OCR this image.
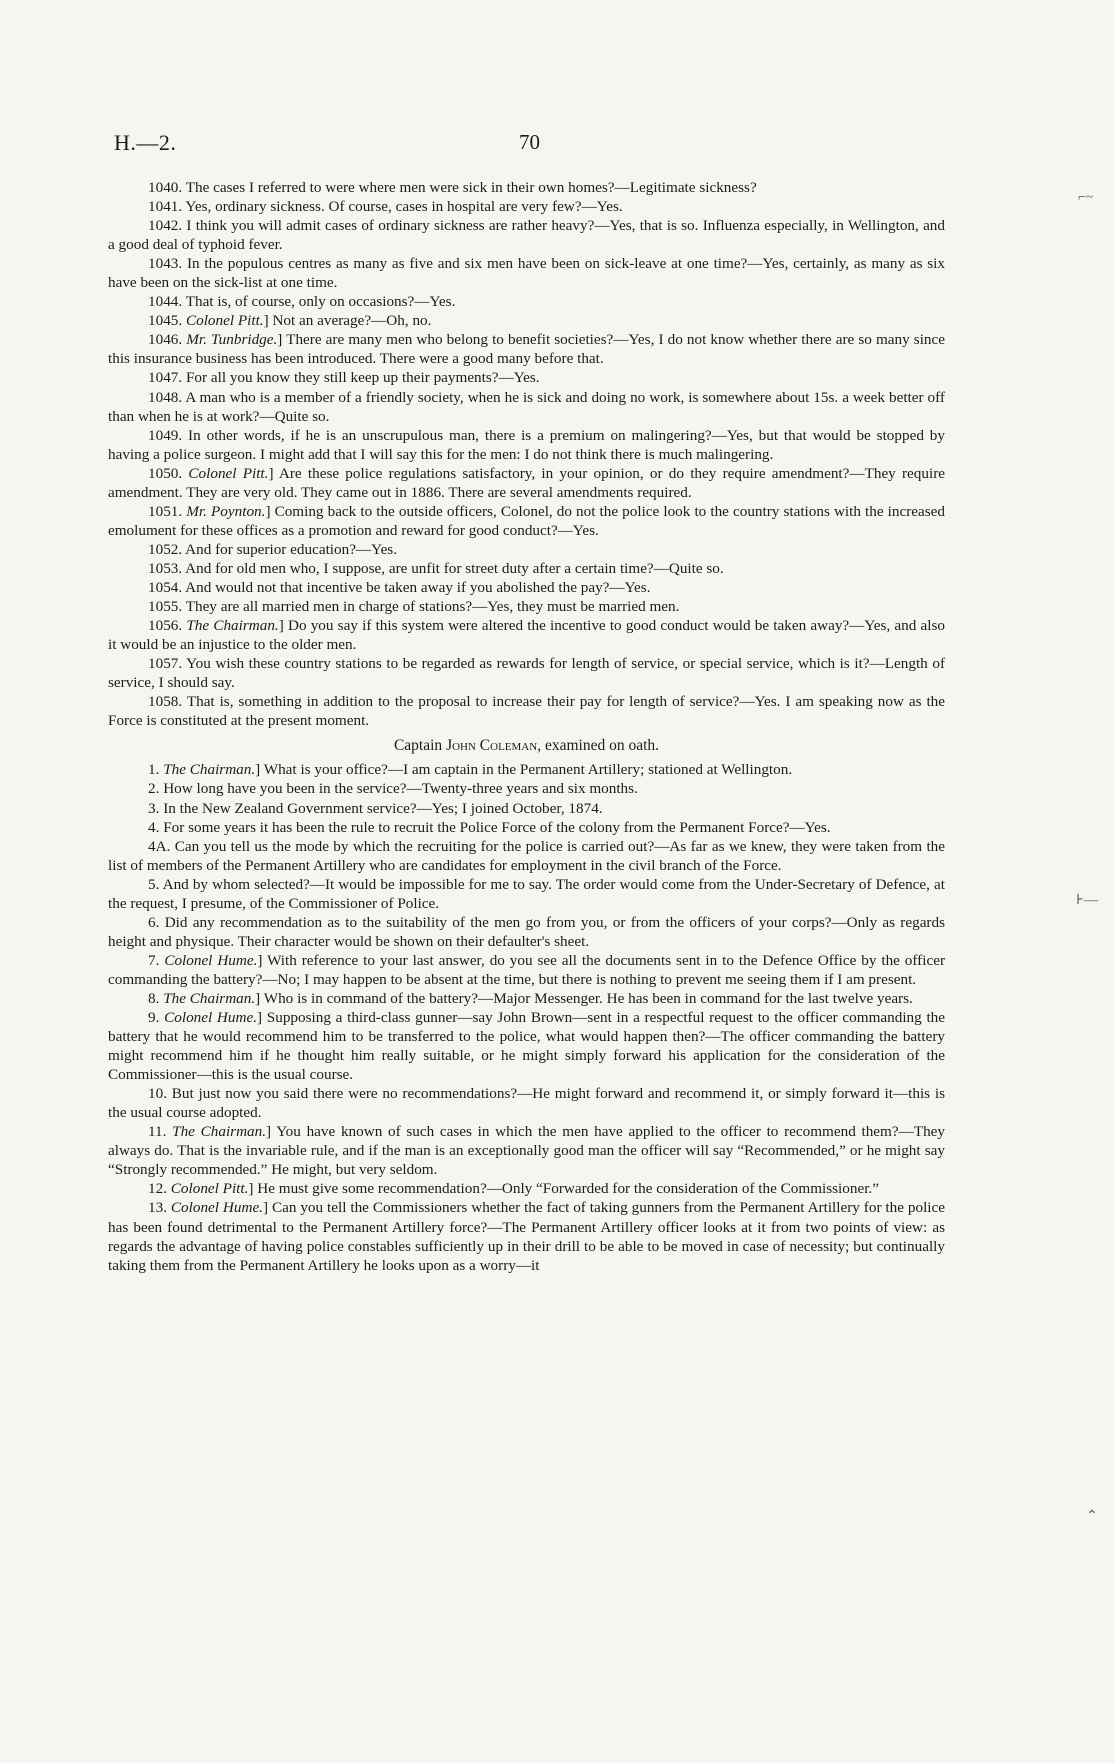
H.—2.	70

1040. The cases I referred to were where men were sick in their own homes?—Legitimate sickness?

1041. Yes, ordinary sickness. Of course, cases in hospital are very few?—Yes.

1042. I think you will admit cases of ordinary sickness are rather heavy?—Yes, that is so. Influenza especially, in Wellington, and a good deal of typhoid fever.

1043. In the populous centres as many as five and six men have been on sick-leave at one time?—Yes, certainly, as many as six have been on the sick-list at one time.

1044. That is, of course, only on occasions?—Yes.

1045. Colonel Pitt.] Not an average?—Oh, no.

1046. Mr. Tunbridge.] There are many men who belong to benefit societies?—Yes, I do not know whether there are so many since this insurance business has been introduced. There were a good many before that.

1047. For all you know they still keep up their payments?—Yes.

1048. A man who is a member of a friendly society, when he is sick and doing no work, is somewhere about 15s. a week better off than when he is at work?—Quite so.

1049. In other words, if he is an unscrupulous man, there is a premium on malingering?—Yes, but that would be stopped by having a police surgeon. I might add that I will say this for the men: I do not think there is much malingering.

1050. Colonel Pitt.] Are these police regulations satisfactory, in your opinion, or do they require amendment?—They require amendment. They are very old. They came out in 1886. There are several amendments required.

1051. Mr. Poynton.] Coming back to the outside officers, Colonel, do not the police look to the country stations with the increased emolument for these offices as a promotion and reward for good conduct?—Yes.

1052. And for superior education?—Yes.

1053. And for old men who, I suppose, are unfit for street duty after a certain time?—Quite so.

1054. And would not that incentive be taken away if you abolished the pay?—Yes.

1055. They are all married men in charge of stations?—Yes, they must be married men.

1056. The Chairman.] Do you say if this system were altered the incentive to good conduct would be taken away?—Yes, and also it would be an injustice to the older men.

1057. You wish these country stations to be regarded as rewards for length of service, or special service, which is it?—Length of service, I should say.

1058. That is, something in addition to the proposal to increase their pay for length of service?—Yes. I am speaking now as the Force is constituted at the present moment.

Captain John Coleman, examined on oath.

1. The Chairman.] What is your office?—I am captain in the Permanent Artillery; stationed at Wellington.

2. How long have you been in the service?—Twenty-three years and six months.

3. In the New Zealand Government service?—Yes; I joined October, 1874.

4. For some years it has been the rule to recruit the Police Force of the colony from the Permanent Force?—Yes.

4A. Can you tell us the mode by which the recruiting for the police is carried out?—As far as we knew, they were taken from the list of members of the Permanent Artillery who are candidates for employment in the civil branch of the Force.

5. And by whom selected?—It would be impossible for me to say. The order would come from the Under-Secretary of Defence, at the request, I presume, of the Commissioner of Police.

6. Did any recommendation as to the suitability of the men go from you, or from the officers of your corps?—Only as regards height and physique. Their character would be shown on their defaulter's sheet.

7. Colonel Hume.] With reference to your last answer, do you see all the documents sent in to the Defence Office by the officer commanding the battery?—No; I may happen to be absent at the time, but there is nothing to prevent me seeing them if I am present.

8. The Chairman.] Who is in command of the battery?—Major Messenger. He has been in command for the last twelve years.

9. Colonel Hume.] Supposing a third-class gunner—say John Brown—sent in a respectful request to the officer commanding the battery that he would recommend him to be transferred to the police, what would happen then?—The officer commanding the battery might recommend him if he thought him really suitable, or he might simply forward his application for the consideration of the Commissioner—this is the usual course.

10. But just now you said there were no recommendations?—He might forward and recommend it, or simply forward it—this is the usual course adopted.

11. The Chairman.] You have known of such cases in which the men have applied to the officer to recommend them?—They always do. That is the invariable rule, and if the man is an exceptionally good man the officer will say “Recommended,” or he might say “Strongly recommended.” He might, but very seldom.

12. Colonel Pitt.] He must give some recommendation?—Only “Forwarded for the consideration of the Commissioner.”

13. Colonel Hume.] Can you tell the Commissioners whether the fact of taking gunners from the Permanent Artillery for the police has been found detrimental to the Permanent Artillery force?—The Permanent Artillery officer looks at it from two points of view: as regards the advantage of having police constables sufficiently up in their drill to be able to be moved in case of necessity; but continually taking them from the Permanent Artillery he looks upon as a worry—it

⌐~
⊦—
⌃
